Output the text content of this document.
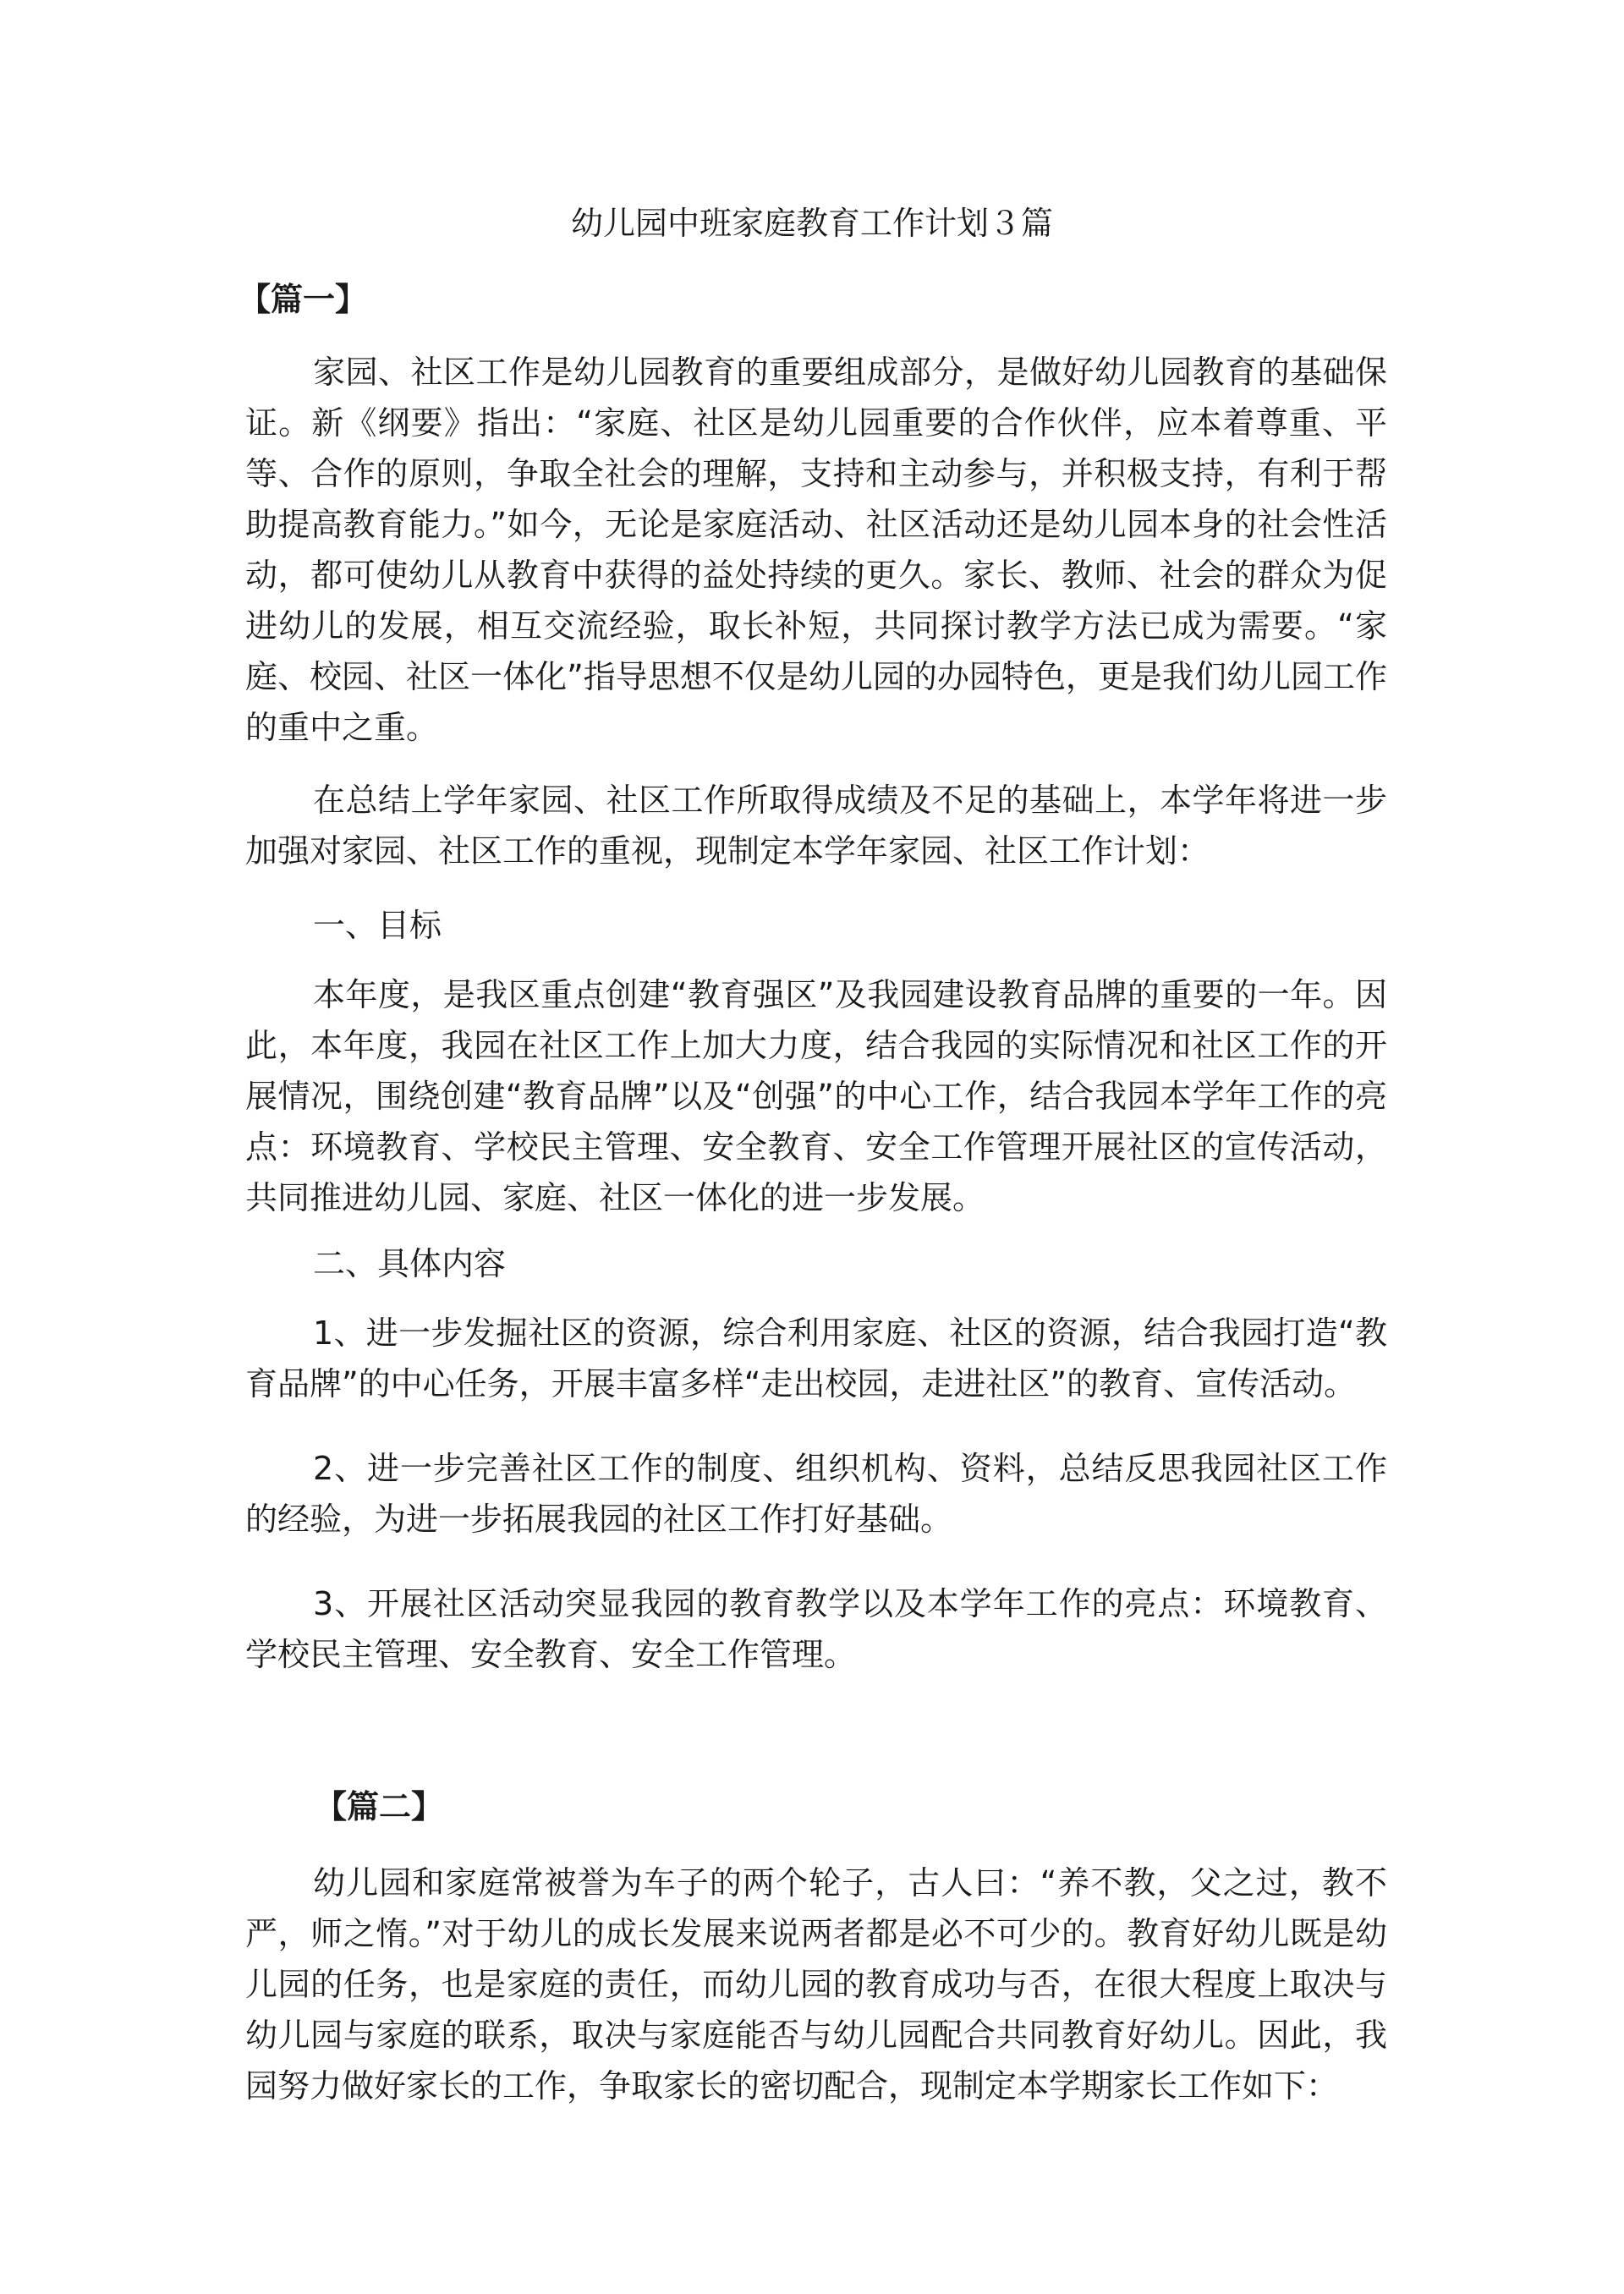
幼儿园中班家庭教育工作计划３篇
【篇一】

家园、社区工作是幼儿园教育的重要组成部分，是做好幼儿园教育的基础保证。新《纲要》指出：“家庭、社区是幼儿园重要的合作伙伴，应本着尊重、平等、合作的原则，争取全社会的理解，支持和主动参与，并积极支持，有利于帮助提高教育能力。”如今，无论是家庭活动、社区活动还是幼儿园本身的社会性活动，都可使幼儿从教育中获得的益处持续的更久。家长、教师、社会的群众为促进幼儿的发展，相互交流经验，取长补短，共同探讨教学方法已成为需要。“家庭、校园、社区一体化”指导思想不仅是幼儿园的办园特色，更是我们幼儿园工作的重中之重。

在总结上学年家园、社区工作所取得成绩及不足的基础上，本学年将进一步加强对家园、社区工作的重视，现制定本学年家园、社区工作计划：

一、目标

本年度，是我区重点创建“教育强区”及我园建设教育品牌的重要的一年。因此，本年度，我园在社区工作上加大力度，结合我园的实际情况和社区工作的开展情况，围绕创建“教育品牌”以及“创强”的中心工作，结合我园本学年工作的亮点：环境教育、学校民主管理、安全教育、安全工作管理开展社区的宣传活动，共同推进幼儿园、家庭、社区一体化的进一步发展。

二、具体内容

1、进一步发掘社区的资源，综合利用家庭、社区的资源，结合我园打造“教育品牌”的中心任务，开展丰富多样“走出校园，走进社区”的教育、宣传活动。

2、进一步完善社区工作的制度、组织机构、资料，总结反思我园社区工作的经验，为进一步拓展我园的社区工作打好基础。

3、开展社区活动突显我园的教育教学以及本学年工作的亮点：环境教育、学校民主管理、安全教育、安全工作管理。

【篇二】

幼儿园和家庭常被誉为车子的两个轮子，古人曰：“养不教，父之过，教不严，师之惰。”对于幼儿的成长发展来说两者都是必不可少的。教育好幼儿既是幼儿园的任务，也是家庭的责任，而幼儿园的教育成功与否，在很大程度上取决与幼儿园与家庭的联系，取决与家庭能否与幼儿园配合共同教育好幼儿。因此，我园努力做好家长的工作，争取家长的密切配合，现制定本学期家长工作如下：
